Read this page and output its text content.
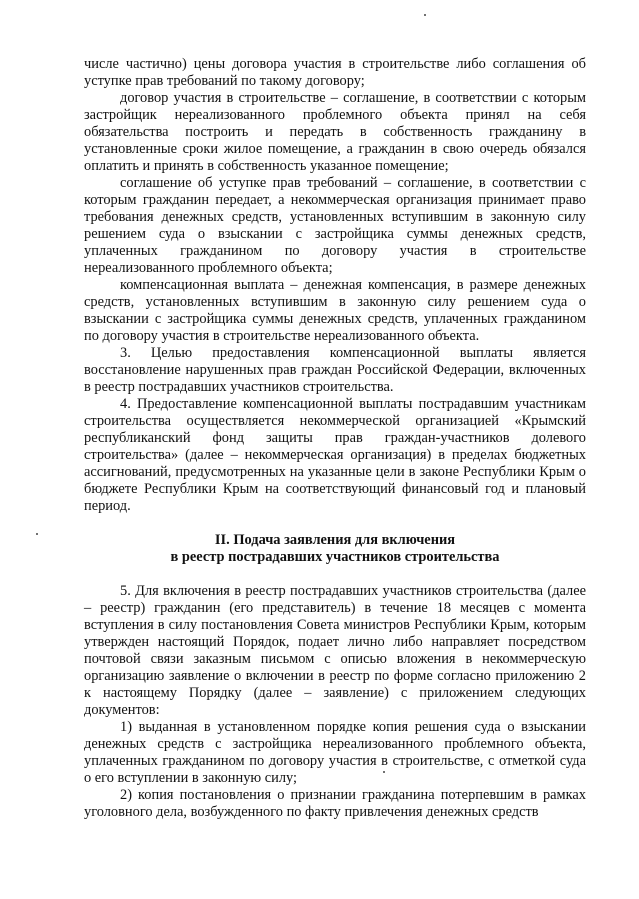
числе частично) цены договора участия в строительстве либо соглашения об уступке прав требований по такому договору;

договор участия в строительстве – соглашение, в соответствии с которым застройщик нереализованного проблемного объекта принял на себя обязательства построить и передать в собственность гражданину в установленные сроки жилое помещение, а гражданин в свою очередь обязался оплатить и принять в собственность указанное помещение;

соглашение об уступке прав требований – соглашение, в соответствии с которым гражданин передает, а некоммерческая организация принимает право требования денежных средств, установленных вступившим в законную силу решением суда о взыскании с застройщика суммы денежных средств, уплаченных гражданином по договору участия в строительстве нереализованного проблемного объекта;

компенсационная выплата – денежная компенсация, в размере денежных средств, установленных вступившим в законную силу решением суда о взыскании с застройщика суммы денежных средств, уплаченных гражданином по договору участия в строительстве нереализованного объекта.

3. Целью предоставления компенсационной выплаты является восстановление нарушенных прав граждан Российской Федерации, включенных в реестр пострадавших участников строительства.

4. Предоставление компенсационной выплаты пострадавшим участникам строительства осуществляется некоммерческой организацией «Крымский республиканский фонд защиты прав граждан-участников долевого строительства» (далее – некоммерческая организация) в пределах бюджетных ассигнований, предусмотренных на указанные цели в законе Республики Крым о бюджете Республики Крым на соответствующий финансовый год и плановый период.

II. Подача заявления для включения
в реестр пострадавших участников строительства

5. Для включения в реестр пострадавших участников строительства (далее – реестр) гражданин (его представитель) в течение 18 месяцев с момента вступления в силу постановления Совета министров Республики Крым, которым утвержден настоящий Порядок, подает лично либо направляет посредством почтовой связи заказным письмом с описью вложения в некоммерческую организацию заявление о включении в реестр по форме согласно приложению 2 к настоящему Порядку (далее – заявление) с приложением следующих документов:

1) выданная в установленном порядке копия решения суда о взыскании денежных средств с застройщика нереализованного проблемного объекта, уплаченных гражданином по договору участия в строительстве, с отметкой суда о его вступлении в законную силу;

2) копия постановления о признании гражданина потерпевшим в рамках уголовного дела, возбужденного по факту привлечения денежных средств
